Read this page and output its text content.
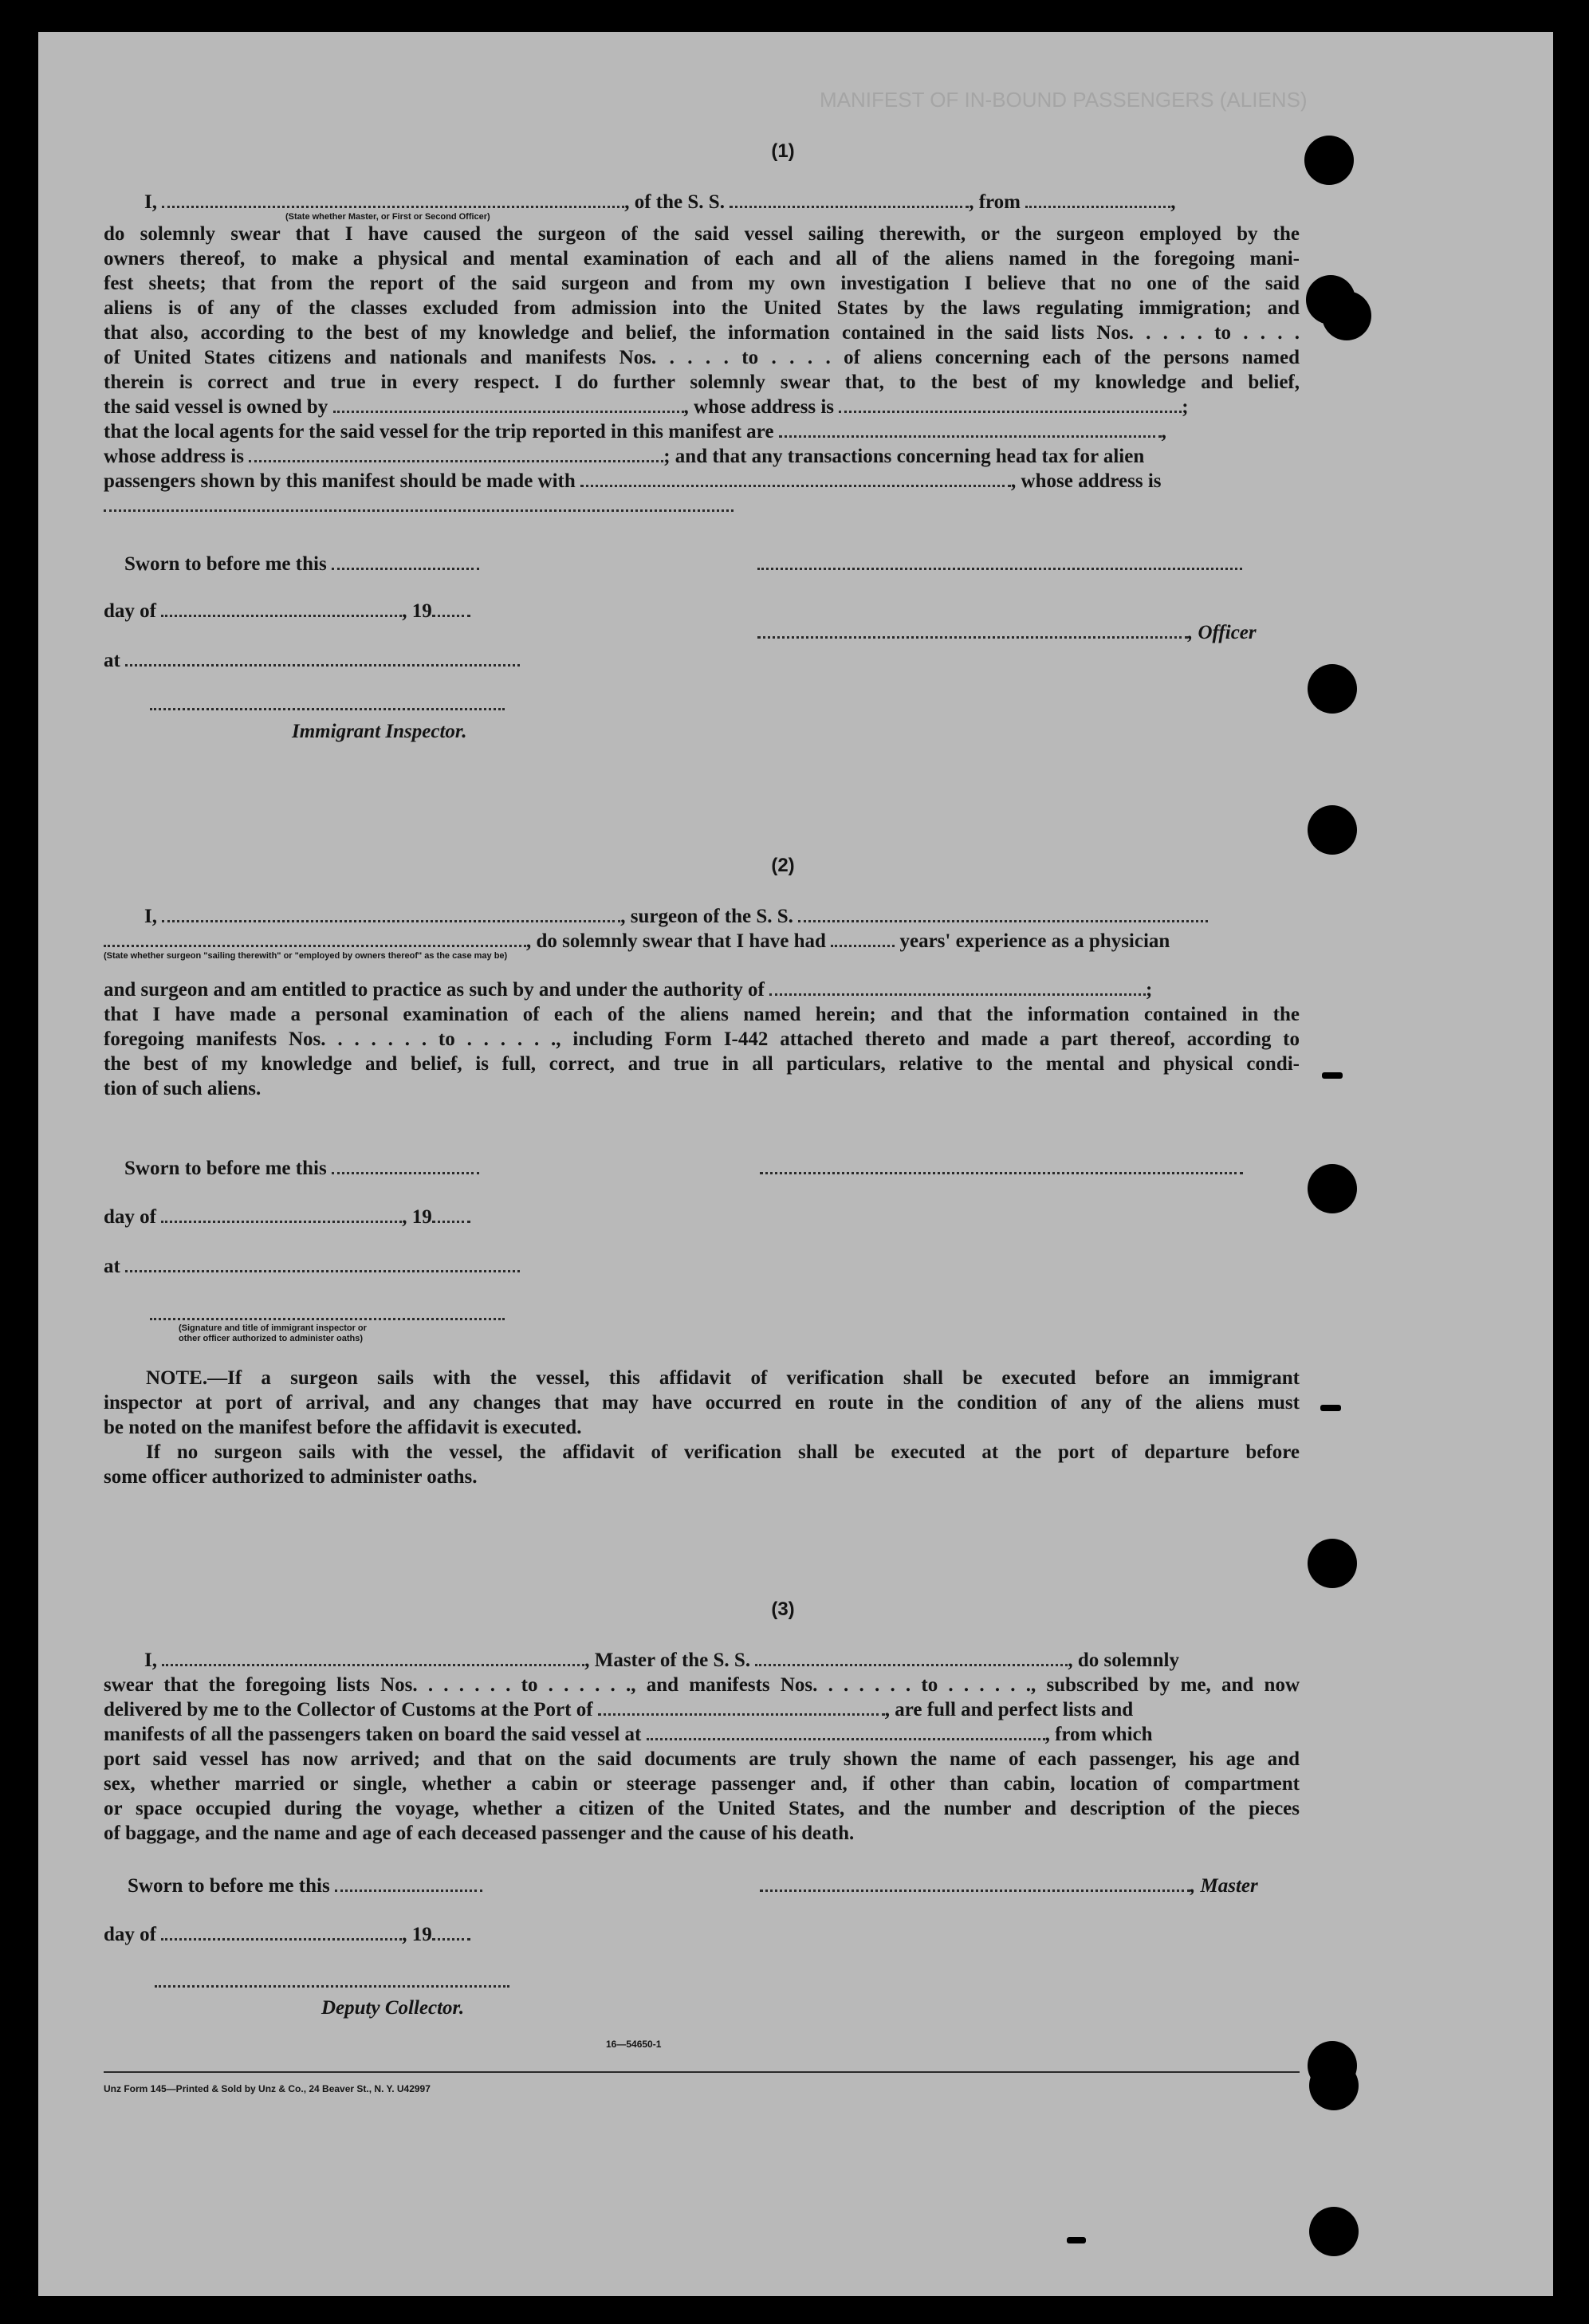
MANIFEST OF IN-BOUND PASSENGERS (ALIENS)
(1)
I,	, of the S. S.	, from	,
(State whether Master, or First or Second Officer)
do solemnly swear that I have caused the surgeon of the said vessel sailing therewith, or the surgeon employed by the
owners thereof, to make a physical and mental examination of each and all of the aliens named in the foregoing mani-
fest sheets; that from the report of the said surgeon and from my own investigation I believe that no one of the said
aliens is of any of the classes excluded from admission into the United States by the laws regulating immigration; and
that also, according to the best of my knowledge and belief, the information contained in the said lists Nos. . . . . to . . . .
of United States citizens and nationals and manifests Nos. . . . . to . . . . of aliens concerning each of the persons named
therein is correct and true in every respect. I do further solemnly swear that, to the best of my knowledge and belief,
the said vessel is owned by	, whose address is	;
that the local agents for the said vessel for the trip reported in this manifest are	,
whose address is	; and that any transactions concerning head tax for alien
passengers shown by this manifest should be made with	, whose address is
Sworn to before me this
day of	, 19
, Officer
at
Immigrant Inspector.
(2)
I,	, surgeon of the S. S.
, do solemnly swear that I have had	years' experience as a physician
(State whether surgeon "sailing therewith" or "employed by owners thereof" as the case may be)
and surgeon and am entitled to practice as such by and under the authority of	;
that I have made a personal examination of each of the aliens named herein; and that the information contained in the
foregoing manifests Nos. . . . . . . to . . . . . ., including Form I-442 attached thereto and made a part thereof, according to
the best of my knowledge and belief, is full, correct, and true in all particulars, relative to the mental and physical condi-
tion of such aliens.
Sworn to before me this
day of	, 19
at
(Signature and title of immigrant inspector or
other officer authorized to administer oaths)
NOTE.—If a surgeon sails with the vessel, this affidavit of verification shall be executed before an immigrant
inspector at port of arrival, and any changes that may have occurred en route in the condition of any of the aliens must
be noted on the manifest before the affidavit is executed.
If no surgeon sails with the vessel, the affidavit of verification shall be executed at the port of departure before
some officer authorized to administer oaths.
(3)
I,	, Master of the S. S.	, do solemnly
swear that the foregoing lists Nos. . . . . . . to . . . . . ., and manifests Nos. . . . . . . to . . . . . ., subscribed by me, and now
delivered by me to the Collector of Customs at the Port of	, are full and perfect lists and
manifests of all the passengers taken on board the said vessel at	, from which
port said vessel has now arrived; and that on the said documents are truly shown the name of each passenger, his age and
sex, whether married or single, whether a cabin or steerage passenger and, if other than cabin, location of compartment
or space occupied during the voyage, whether a citizen of the United States, and the number and description of the pieces
of baggage, and the name and age of each deceased passenger and the cause of his death.
Sworn to before me this	, Master
day of	, 19
Deputy Collector.
16—54650-1
Unz Form 145—Printed & Sold by Unz & Co., 24 Beaver St., N. Y. U42997
